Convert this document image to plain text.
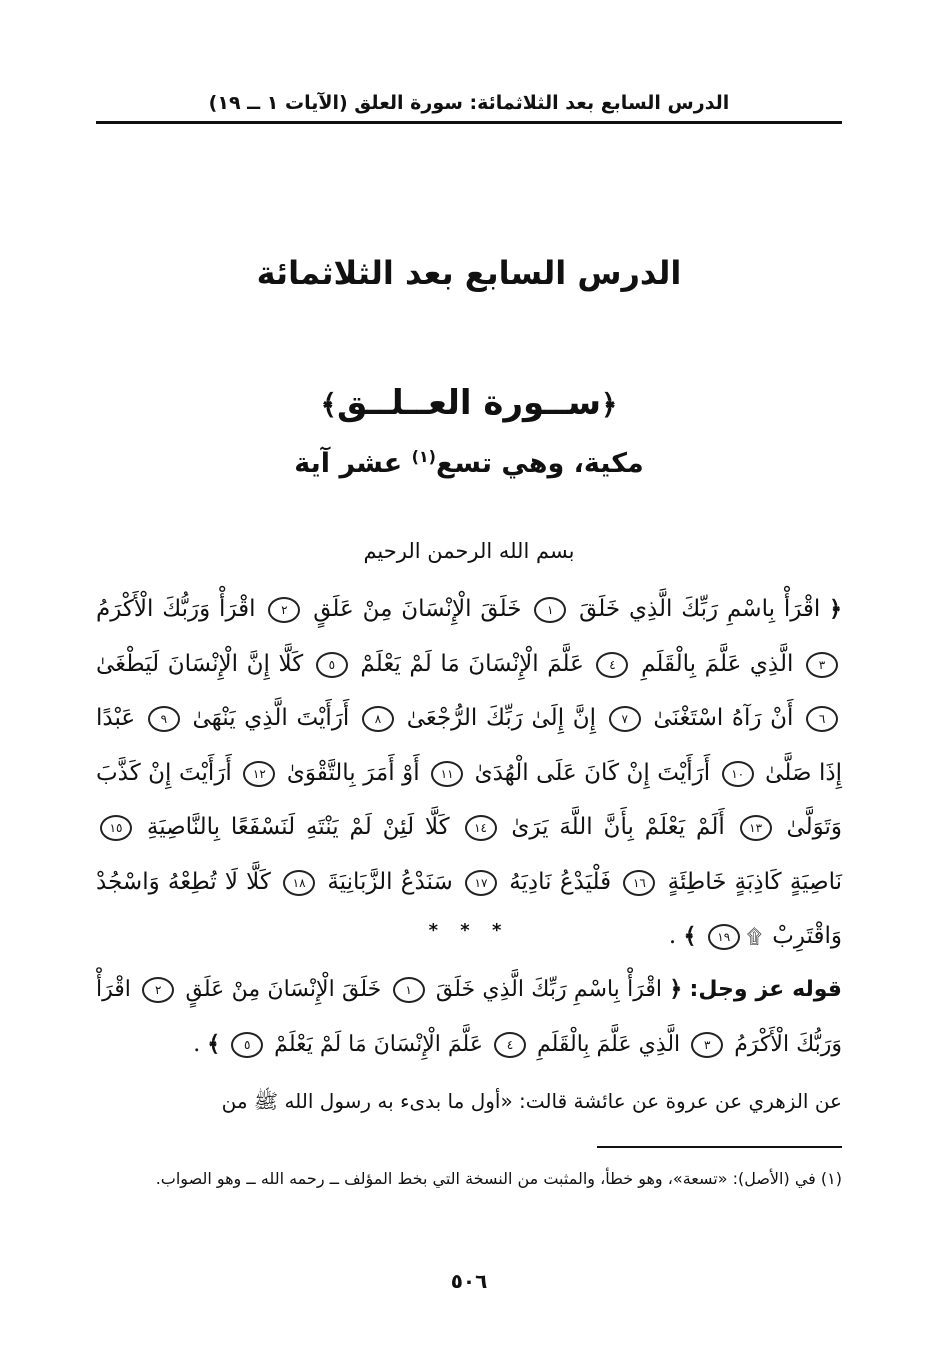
الدرس السابع بعد الثلاثمائة: سورة العلق (الآيات ١ ــ ١٩)
الدرس السابع بعد الثلاثمائة
﴿ســورة العــلــق﴾
مكية، وهي تسع$^{(١)}$ عشر آية
بسم الله الرحمن الرحيم
﴿ اقْرَأْ بِاسْمِ رَبِّكَ الَّذِي خَلَقَ ١ خَلَقَ الْإِنْسَانَ مِنْ عَلَقٍ ٢ اقْرَأْ وَرَبُّكَ الْأَكْرَمُ ٣ الَّذِي عَلَّمَ بِالْقَلَمِ ٤ عَلَّمَ الْإِنْسَانَ مَا لَمْ يَعْلَمْ ٥ كَلَّا إِنَّ الْإِنْسَانَ لَيَطْغَىٰ ٦ أَنْ رَآهُ اسْتَغْنَىٰ ٧ إِنَّ إِلَىٰ رَبِّكَ الرُّجْعَىٰ ٨ أَرَأَيْتَ الَّذِي يَنْهَىٰ ٩ عَبْدًا إِذَا صَلَّىٰ ١٠ أَرَأَيْتَ إِنْ كَانَ عَلَى الْهُدَىٰ ١١ أَوْ أَمَرَ بِالتَّقْوَىٰ ١٢ أَرَأَيْتَ إِنْ كَذَّبَ وَتَوَلَّىٰ ١٣ أَلَمْ يَعْلَمْ بِأَنَّ اللَّهَ يَرَىٰ ١٤ كَلَّا لَئِنْ لَمْ يَنْتَهِ لَنَسْفَعًا بِالنَّاصِيَةِ ١٥ نَاصِيَةٍ كَاذِبَةٍ خَاطِئَةٍ ١٦ فَلْيَدْعُ نَادِيَهُ ١٧ سَنَدْعُ الزَّبَانِيَةَ ١٨ كَلَّا لَا تُطِعْهُ وَاسْجُدْ وَاقْتَرِبْ ۩١٩ ﴾ .
* * *
قوله عز وجل: ﴿ اقْرَأْ بِاسْمِ رَبِّكَ الَّذِي خَلَقَ ١ خَلَقَ الْإِنْسَانَ مِنْ عَلَقٍ ٢ اقْرَأْ وَرَبُّكَ الْأَكْرَمُ ٣ الَّذِي عَلَّمَ بِالْقَلَمِ ٤ عَلَّمَ الْإِنْسَانَ مَا لَمْ يَعْلَمْ ٥ ﴾ .
عن الزهري عن عروة عن عائشة قالت: «أول ما بدىء به رسول الله ﷺ من
(١) في (الأصل): «تسعة»، وهو خطأ، والمثبت من النسخة التي بخط المؤلف ــ رحمه الله ــ وهو الصواب.
٥٠٦
